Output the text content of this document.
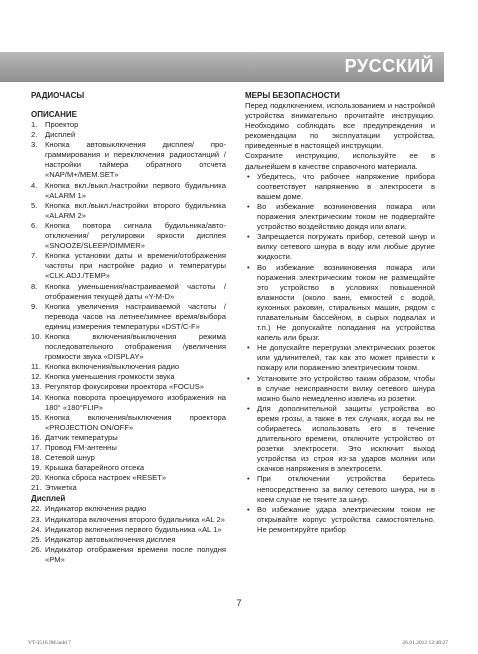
РУССКИЙ
РАДИОЧАСЫ
ОПИСАНИЕ
1. Проектор
2. Дисплей
3. Кнопка автовыключения дисплея/ программирования и переключения радиостанций /настройки таймера обратного отсчета «NAP/M+/MEM.SET»
4. Кнопка вкл./выкл./настройки первого будильника «ALARM 1»
5. Кнопка вкл./выкл./настройки второго будильника «ALARM 2»
6. Кнопка повтора сигнала будильника/автоотключения/ регулировки яркости дисплея «SNOOZE/SLEEP/DIMMER»
7. Кнопка установки даты и времени/отображения частоты при настройке радио и температуры «CLK.ADJ./TEMP»
8. Кнопка уменьшения/настраиваемой частоты /отображения текущей даты «Y-M-D»
9. Кнопка увеличения настраиваемой частоты /перевода часов на летнее/зимнее время/выбора единиц измерения температуры «DST/C-F»
10. Кнопка включения/выключения режима последовательного отображения /увеличения громкости звука «DISPLAY»
11. Кнопка включения/выключения радио
12. Кнопка уменьшения громкости звука
13. Регулятор фокусировки проектора «FOCUS»
14. Кнопка поворота проецируемого изображения на 180° «180°FLIP»
15. Кнопка включения/выключения проектора «PROJECTION ON/OFF»
16. Датчик температуры
17. Провод FM-антенны
18. Сетевой шнур
19. Крышка батарейного отсека
20. Кнопка сброса настроек «RESET»
21. Этикетка
Дисплей
22. Индикатор включения радио
23. Индикатора включения второго будильника «AL 2»
24. Индикатор включения первого будильника «AL 1»
25. Индикатор автовыключения дисплея
26. Индикатор отображения времени после полудня «PM»
МЕРЫ БЕЗОПАСНОСТИ

Перед подключением, использованием и настройкой устройства внимательно прочитайте инструкцию. Необходимо соблюдать все предупреждения и рекомендации по эксплуатации устройства, приведенные в настоящей инструкции.

Сохраните инструкцию, используйте ее в дальнейшем в качестве справочного материала.

• Убедитесь, что рабочее напряжение прибора соответствует напряжению в электросети в вашем доме.
• Во избежание возникновения пожара или поражения электрическим током не подвергайте устройство воздействию дождя или влаги.
• Запрещается погружать прибор, сетевой шнур и вилку сетевого шнура в воду или любые другие жидкости.
• Во избежание возникновения пожара или поражения электрическим током не размещайте это устройство в условиях повышенной влажности (около ванн, емкостей с водой, кухонных раковин, стиральных машин, рядом с плавательным бассейном, в сырых подвалах и т.п.) Не допускайте попадания на устройства капель или брызг.
• Не допускайте перегрузки электрических розеток или удлинителей, так как это может привести к пожару или поражению электрическим током.
• Установите это устройство таким образом, чтобы в случае неисправности вилку сетевого шнура можно было немедленно извлечь из розетки.
• Для дополнительной защиты устройства во время грозы, а также в тех случаях, когда вы не собираетесь использовать его в течение длительного времени, отключите устройство от розетки электросети. Это исключит выход устройства из строя из-за ударов молнии или скачков напряжения в электросети.
• При отключении устройства беритесь непосредственно за вилку сетевого шнура, ни в коем случае не тяните за шнур.
• Во избежание удара электрическим током не открывайте корпус устройства самостоятельно. Не ремонтируйте прибор
7
VT-3516 IM.indd 7	26.01.2012 12:48:27
